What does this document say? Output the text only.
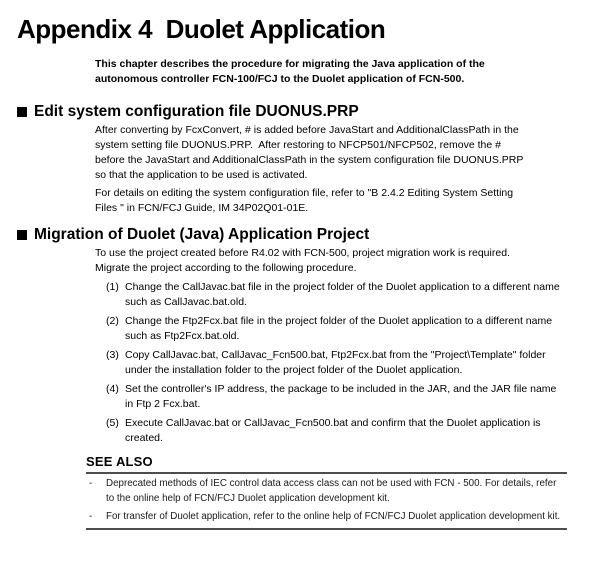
Appendix 4  Duolet Application

This chapter describes the procedure for migrating the Java application of the autonomous controller FCN-100/FCJ to the Duolet application of FCN-500.

Edit system configuration file DUONUS.PRP

After converting by FcxConvert, # is added before JavaStart and AdditionalClassPath in the system setting file DUONUS.PRP.  After restoring to NFCP501/NFCP502, remove the # before the JavaStart and AdditionalClassPath in the system configuration file DUONUS.PRP so that the application to be used is activated.

For details on editing the system configuration file, refer to "B 2.4.2 Editing System Setting Files " in FCN/FCJ Guide, IM 34P02Q01-01E.

Migration of Duolet (Java) Application Project

To use the project created before R4.02 with FCN-500, project migration work is required.  Migrate the project according to the following procedure.

(1) Change the CallJavac.bat file in the project folder of the Duolet application to a different name such as CallJavac.bat.old.
(2) Change the Ftp2Fcx.bat file in the project folder of the Duolet application to a different name such as Ftp2Fcx.bat.old.
(3) Copy CallJavac.bat, CallJavac_Fcn500.bat, Ftp2Fcx.bat from the "Project\Template" folder under the installation folder to the project folder of the Duolet application.
(4) Set the controller's IP address, the package to be included in the JAR, and the JAR file name in Ftp 2 Fcx.bat.
(5) Execute CallJavac.bat or CallJavac_Fcn500.bat and confirm that the Duolet application is created.
SEE ALSO
-	Deprecated methods of IEC control data access class can not be used with FCN - 500. For details, refer to the online help of FCN/FCJ Duolet application development kit.
-	For transfer of Duolet application, refer to the online help of FCN/FCJ Duolet application development kit.
